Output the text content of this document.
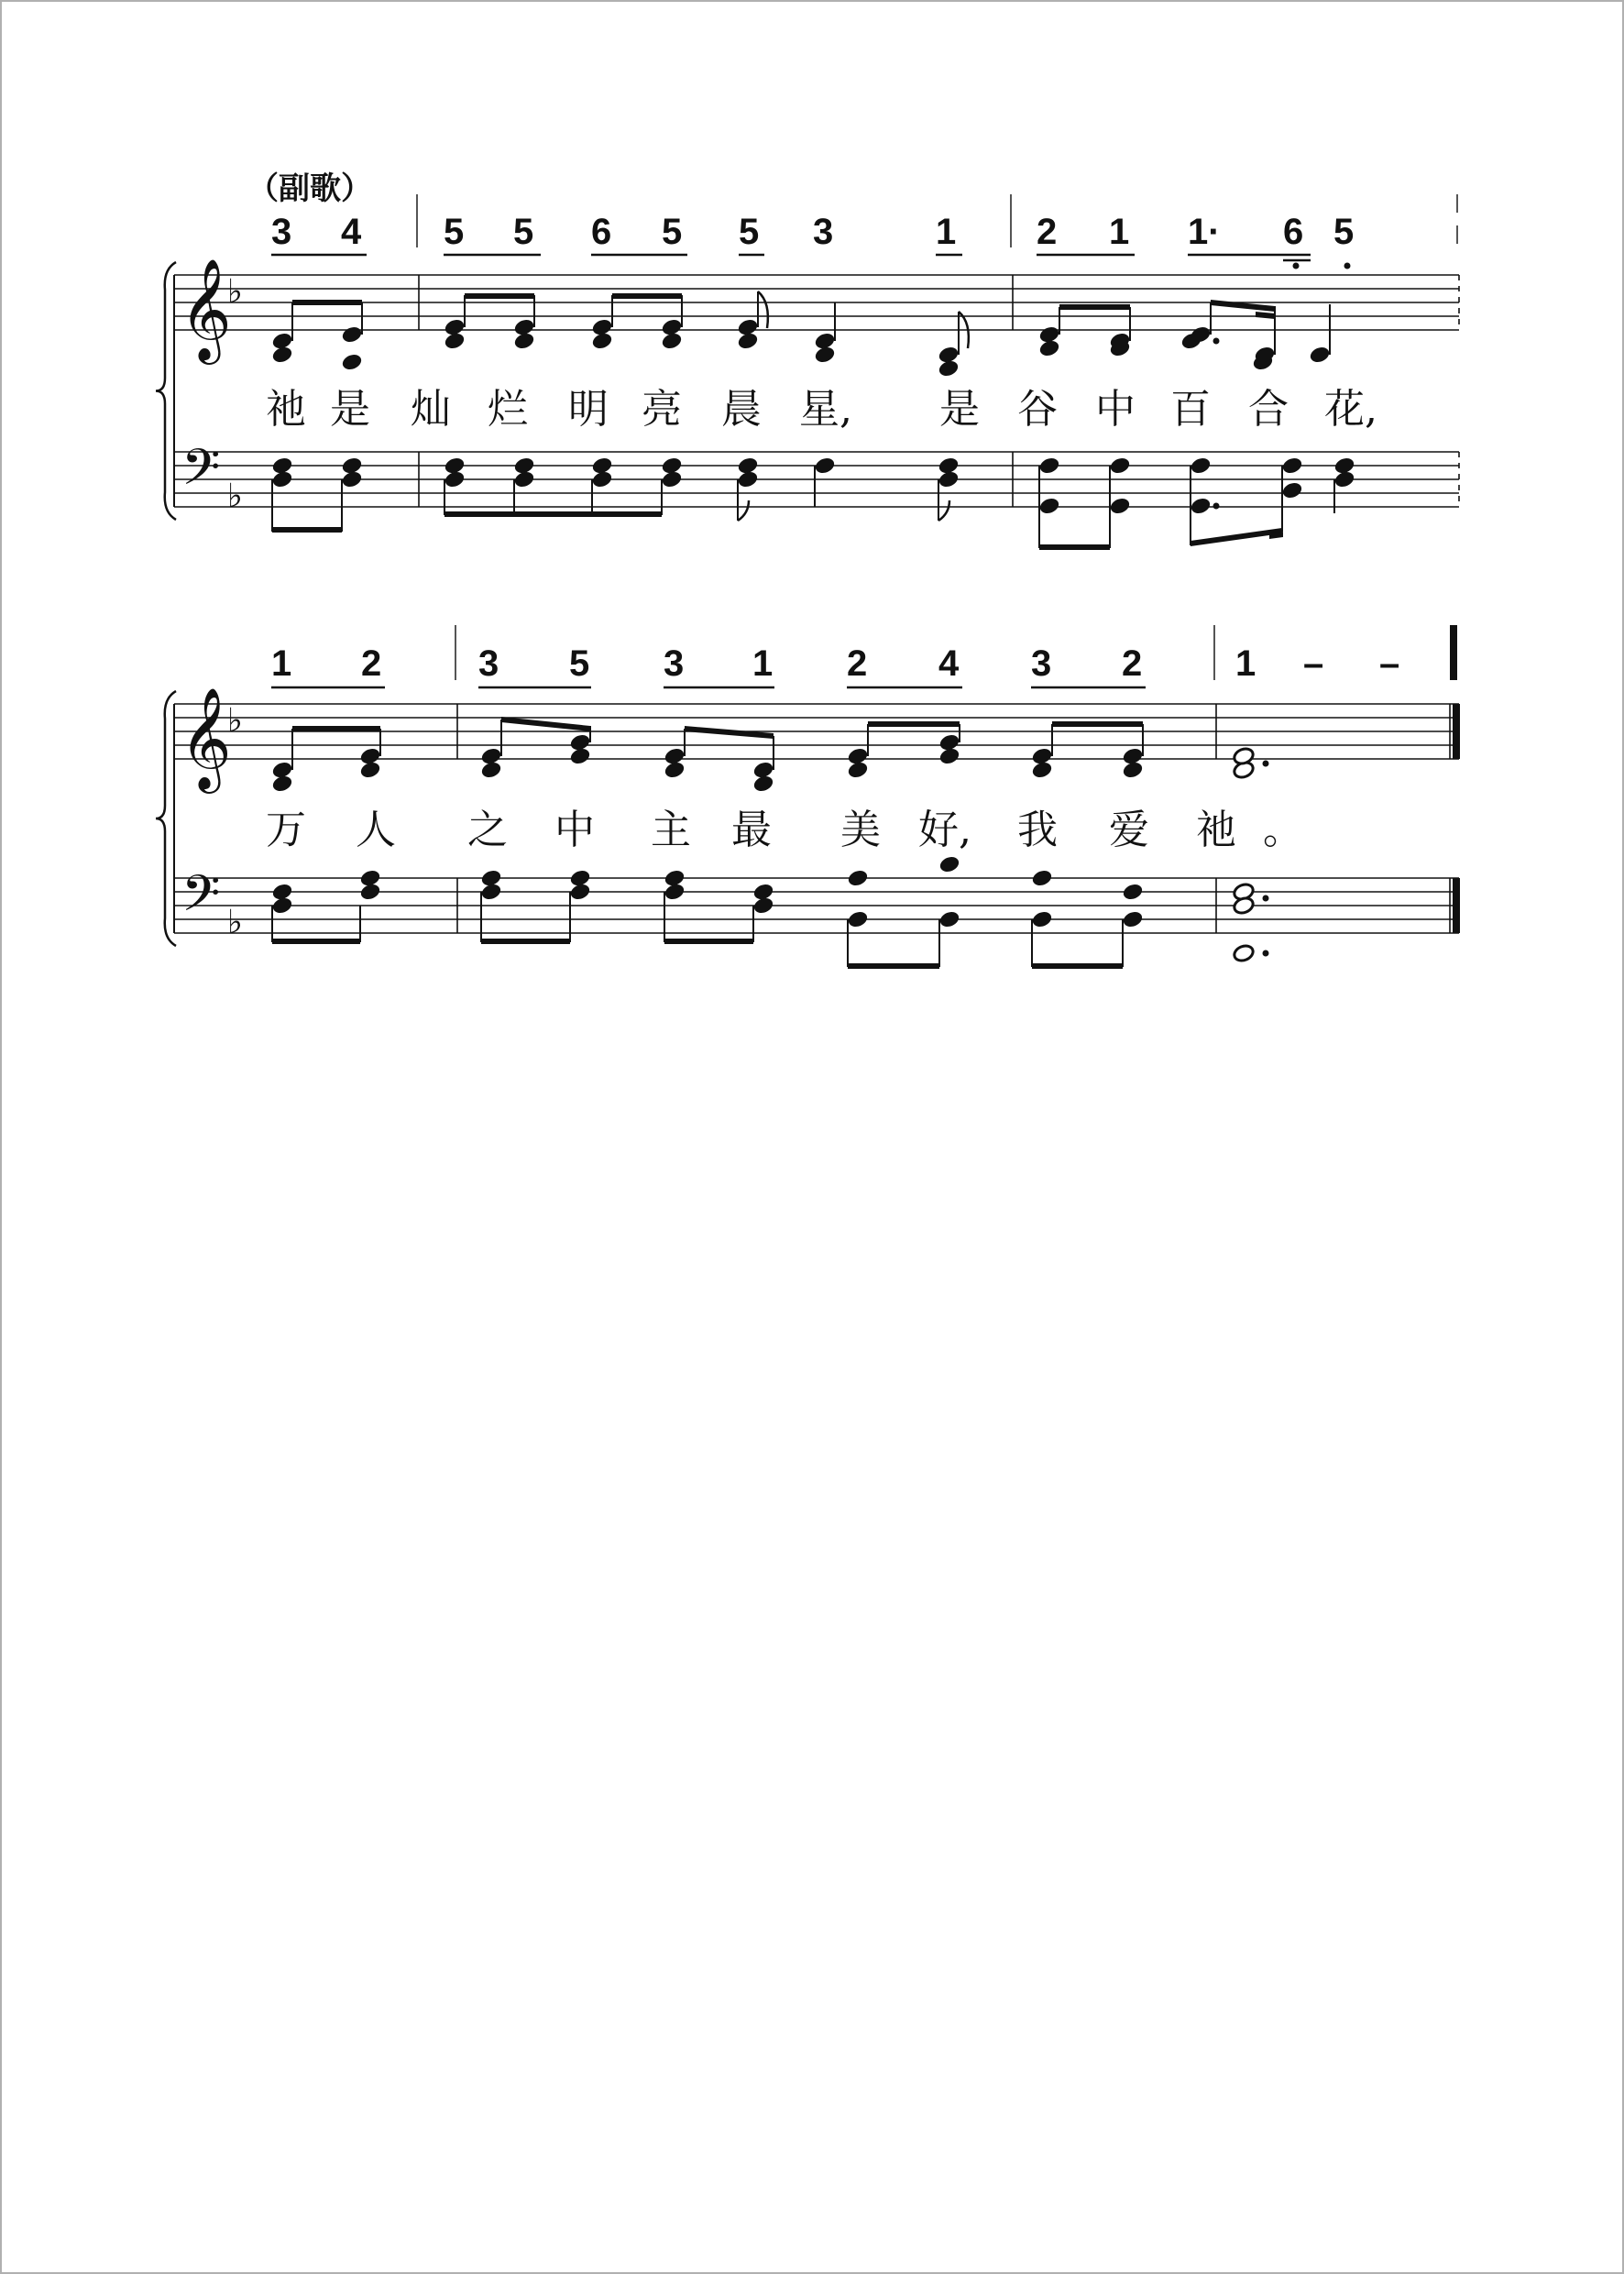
（副歌）
3 4 5 5 6 5 5 3	1 2 1 1· 6 5
祂 是 灿 烂 明 亮 晨 星, 是 谷 中 百 合 花,
1 2	3 5 3 1 2 4 3 2	1 – –
万 人 之 中 主 最 美 好, 我 爱 祂 。
𝄞
𝄢
♭
♭
𝄞
𝄢
♭
♭
